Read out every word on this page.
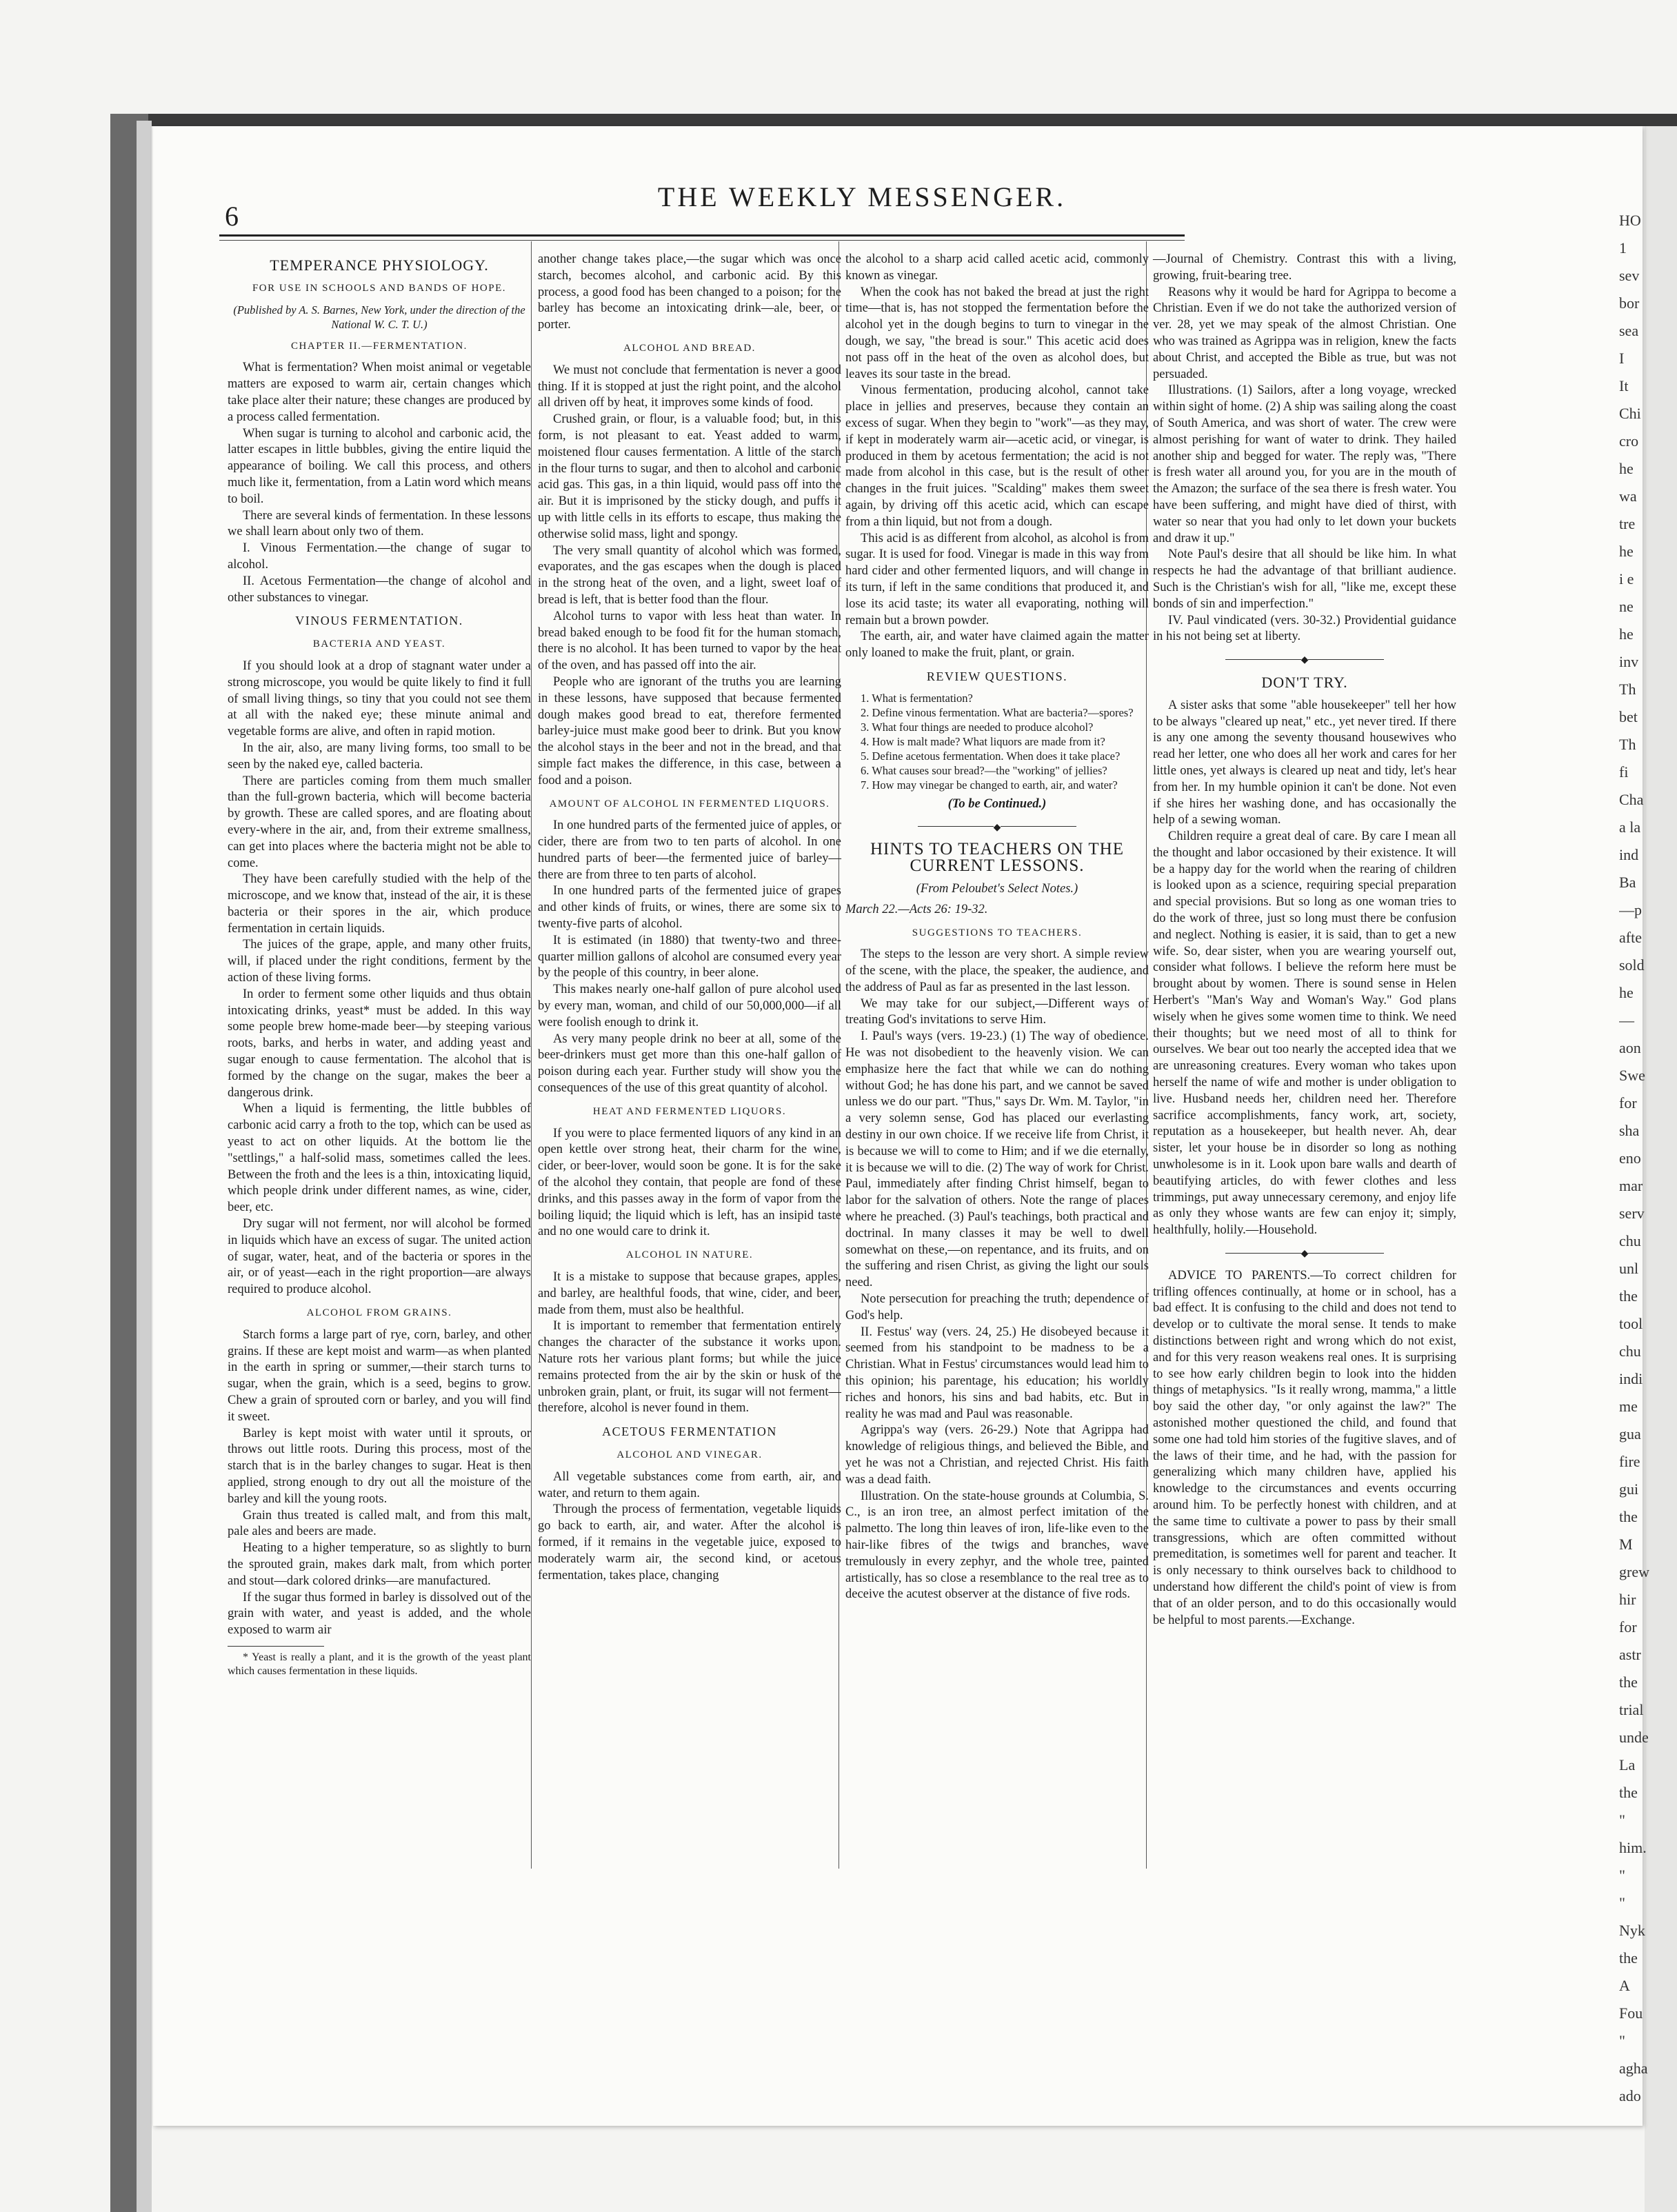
6
THE WEEKLY MESSENGER.

TEMPERANCE PHYSIOLOGY.

FOR USE IN SCHOOLS AND BANDS OF HOPE.

(Published by A. S. Barnes, New York, under the direction of the National W. C. T. U.)

CHAPTER II.—FERMENTATION.

What is fermentation? When moist animal or vegetable matters are exposed to warm air, certain changes which take place alter their nature; these changes are produced by a process called fermentation.

When sugar is turning to alcohol and carbonic acid, the latter escapes in little bubbles, giving the entire liquid the appearance of boiling. We call this process, and others much like it, fermentation, from a Latin word which means to boil.

There are several kinds of fermentation. In these lessons we shall learn about only two of them.

I. Vinous Fermentation.—the change of sugar to alcohol.

II. Acetous Fermentation—the change of alcohol and other substances to vinegar.

VINOUS FERMENTATION.

BACTERIA AND YEAST.

If you should look at a drop of stagnant water under a strong microscope, you would be quite likely to find it full of small living things, so tiny that you could not see them at all with the naked eye; these minute animal and vegetable forms are alive, and often in rapid motion.

In the air, also, are many living forms, too small to be seen by the naked eye, called bacteria.

There are particles coming from them much smaller than the full-grown bacteria, which will become bacteria by growth. These are called spores, and are floating about every-where in the air, and, from their extreme smallness, can get into places where the bacteria might not be able to come.

They have been carefully studied with the help of the microscope, and we know that, instead of the air, it is these bacteria or their spores in the air, which produce fermentation in certain liquids.

The juices of the grape, apple, and many other fruits, will, if placed under the right conditions, ferment by the action of these living forms.

In order to ferment some other liquids and thus obtain intoxicating drinks, yeast* must be added. In this way some people brew home-made beer—by steeping various roots, barks, and herbs in water, and adding yeast and sugar enough to cause fermentation. The alcohol that is formed by the change on the sugar, makes the beer a dangerous drink.

When a liquid is fermenting, the little bubbles of carbonic acid carry a froth to the top, which can be used as yeast to act on other liquids. At the bottom lie the "settlings," a half-solid mass, sometimes called the lees. Between the froth and the lees is a thin, intoxicating liquid, which people drink under different names, as wine, cider, beer, etc.

Dry sugar will not ferment, nor will alcohol be formed in liquids which have an excess of sugar. The united action of sugar, water, heat, and of the bacteria or spores in the air, or of yeast—each in the right proportion—are always required to produce alcohol.

ALCOHOL FROM GRAINS.

Starch forms a large part of rye, corn, barley, and other grains. If these are kept moist and warm—as when planted in the earth in spring or summer,—their starch turns to sugar, when the grain, which is a seed, begins to grow. Chew a grain of sprouted corn or barley, and you will find it sweet.

Barley is kept moist with water until it sprouts, or throws out little roots. During this process, most of the starch that is in the barley changes to sugar. Heat is then applied, strong enough to dry out all the moisture of the barley and kill the young roots.

Grain thus treated is called malt, and from this malt, pale ales and beers are made.

Heating to a higher temperature, so as slightly to burn the sprouted grain, makes dark malt, from which porter and stout—dark colored drinks—are manufactured.

If the sugar thus formed in barley is dissolved out of the grain with water, and yeast is added, and the whole exposed to warm air

* Yeast is really a plant, and it is the growth of the yeast plant which causes fermentation in these liquids.

another change takes place,—the sugar which was once starch, becomes alcohol, and carbonic acid. By this process, a good food has been changed to a poison; for the barley has become an intoxicating drink—ale, beer, or porter.

ALCOHOL AND BREAD.

We must not conclude that fermentation is never a good thing. If it is stopped at just the right point, and the alcohol all driven off by heat, it improves some kinds of food.

Crushed grain, or flour, is a valuable food; but, in this form, is not pleasant to eat. Yeast added to warm, moistened flour causes fermentation. A little of the starch in the flour turns to sugar, and then to alcohol and carbonic acid gas. This gas, in a thin liquid, would pass off into the air. But it is imprisoned by the sticky dough, and puffs it up with little cells in its efforts to escape, thus making the otherwise solid mass, light and spongy.

The very small quantity of alcohol which was formed, evaporates, and the gas escapes when the dough is placed in the strong heat of the oven, and a light, sweet loaf of bread is left, that is better food than the flour.

Alcohol turns to vapor with less heat than water. In bread baked enough to be food fit for the human stomach, there is no alcohol. It has been turned to vapor by the heat of the oven, and has passed off into the air.

People who are ignorant of the truths you are learning in these lessons, have supposed that because fermented dough makes good bread to eat, therefore fermented barley-juice must make good beer to drink. But you know the alcohol stays in the beer and not in the bread, and that simple fact makes the difference, in this case, between a food and a poison.

AMOUNT OF ALCOHOL IN FERMENTED LIQUORS.

In one hundred parts of the fermented juice of apples, or cider, there are from two to ten parts of alcohol. In one hundred parts of beer—the fermented juice of barley—there are from three to ten parts of alcohol.

In one hundred parts of the fermented juice of grapes and other kinds of fruits, or wines, there are some six to twenty-five parts of alcohol.

It is estimated (in 1880) that twenty-two and three-quarter million gallons of alcohol are consumed every year by the people of this country, in beer alone.

This makes nearly one-half gallon of pure alcohol used by every man, woman, and child of our 50,000,000—if all were foolish enough to drink it.

As very many people drink no beer at all, some of the beer-drinkers must get more than this one-half gallon of poison during each year. Further study will show you the consequences of the use of this great quantity of alcohol.

HEAT AND FERMENTED LIQUORS.

If you were to place fermented liquors of any kind in an open kettle over strong heat, their charm for the wine, cider, or beer-lover, would soon be gone. It is for the sake of the alcohol they contain, that people are fond of these drinks, and this passes away in the form of vapor from the boiling liquid; the liquid which is left, has an insipid taste and no one would care to drink it.

ALCOHOL IN NATURE.

It is a mistake to suppose that because grapes, apples, and barley, are healthful foods, that wine, cider, and beer, made from them, must also be healthful.

It is important to remember that fermentation entirely changes the character of the substance it works upon. Nature rots her various plant forms; but while the juice remains protected from the air by the skin or husk of the unbroken grain, plant, or fruit, its sugar will not ferment—therefore, alcohol is never found in them.

ACETOUS FERMENTATION

ALCOHOL AND VINEGAR.

All vegetable substances come from earth, air, and water, and return to them again.

Through the process of fermentation, vegetable liquids go back to earth, air, and water. After the alcohol is formed, if it remains in the vegetable juice, exposed to moderately warm air, the second kind, or acetous fermentation, takes place, changing

the alcohol to a sharp acid called acetic acid, commonly known as vinegar.

When the cook has not baked the bread at just the right time—that is, has not stopped the fermentation before the alcohol yet in the dough begins to turn to vinegar in the dough, we say, "the bread is sour." This acetic acid does not pass off in the heat of the oven as alcohol does, but leaves its sour taste in the bread.

Vinous fermentation, producing alcohol, cannot take place in jellies and preserves, because they contain an excess of sugar. When they begin to "work"—as they may, if kept in moderately warm air—acetic acid, or vinegar, is produced in them by acetous fermentation; the acid is not made from alcohol in this case, but is the result of other changes in the fruit juices. "Scalding" makes them sweet again, by driving off this acetic acid, which can escape from a thin liquid, but not from a dough.

This acid is as different from alcohol, as alcohol is from sugar. It is used for food. Vinegar is made in this way from hard cider and other fermented liquors, and will change in its turn, if left in the same conditions that produced it, and lose its acid taste; its water all evaporating, nothing will remain but a brown powder.

The earth, air, and water have claimed again the matter only loaned to make the fruit, plant, or grain.

REVIEW QUESTIONS.

1. What is fermentation?

2. Define vinous fermentation. What are bacteria?—spores?

3. What four things are needed to produce alcohol?

4. How is malt made? What liquors are made from it?

5. Define acetous fermentation. When does it take place?

6. What causes sour bread?—the "working" of jellies?

7. How may vinegar be changed to earth, air, and water?

(To be Continued.)

◆

HINTS TO TEACHERS ON THE CURRENT LESSONS.

(From Peloubet's Select Notes.)

March 22.—Acts 26: 19-32.

SUGGESTIONS TO TEACHERS.

The steps to the lesson are very short. A simple review of the scene, with the place, the speaker, the audience, and the address of Paul as far as presented in the last lesson.

We may take for our subject,—Different ways of treating God's invitations to serve Him.

I. Paul's ways (vers. 19-23.) (1) The way of obedience. He was not disobedient to the heavenly vision. We can emphasize here the fact that while we can do nothing without God; he has done his part, and we cannot be saved unless we do our part. "Thus," says Dr. Wm. M. Taylor, "in a very solemn sense, God has placed our everlasting destiny in our own choice. If we receive life from Christ, it is because we will to come to Him; and if we die eternally, it is because we will to die. (2) The way of work for Christ. Paul, immediately after finding Christ himself, began to labor for the salvation of others. Note the range of places where he preached. (3) Paul's teachings, both practical and doctrinal. In many classes it may be well to dwell somewhat on these,—on repentance, and its fruits, and on the suffering and risen Christ, as giving the light our souls need.

Note persecution for preaching the truth; dependence of God's help.

II. Festus' way (vers. 24, 25.) He disobeyed because it seemed from his standpoint to be madness to be a Christian. What in Festus' circumstances would lead him to this opinion; his parentage, his education; his worldly riches and honors, his sins and bad habits, etc. But in reality he was mad and Paul was reasonable.

Agrippa's way (vers. 26-29.) Note that Agrippa had knowledge of religious things, and believed the Bible, and yet he was not a Christian, and rejected Christ. His faith was a dead faith.

Illustration. On the state-house grounds at Columbia, S. C., is an iron tree, an almost perfect imitation of the palmetto. The long thin leaves of iron, life-like even to the hair-like fibres of the twigs and branches, wave tremulously in every zephyr, and the whole tree, painted artistically, has so close a resemblance to the real tree as to deceive the acutest observer at the distance of five rods.

—Journal of Chemistry. Contrast this with a living, growing, fruit-bearing tree.

Reasons why it would be hard for Agrippa to become a Christian. Even if we do not take the authorized version of ver. 28, yet we may speak of the almost Christian. One who was trained as Agrippa was in religion, knew the facts about Christ, and accepted the Bible as true, but was not persuaded.

Illustrations. (1) Sailors, after a long voyage, wrecked within sight of home. (2) A ship was sailing along the coast of South America, and was short of water. The crew were almost perishing for want of water to drink. They hailed another ship and begged for water. The reply was, "There is fresh water all around you, for you are in the mouth of the Amazon; the surface of the sea there is fresh water. You have been suffering, and might have died of thirst, with water so near that you had only to let down your buckets and draw it up."

Note Paul's desire that all should be like him. In what respects he had the advantage of that brilliant audience. Such is the Christian's wish for all, "like me, except these bonds of sin and imperfection."

IV. Paul vindicated (vers. 30-32.) Providential guidance in his not being set at liberty.

◆

DON'T TRY.

A sister asks that some "able housekeeper" tell her how to be always "cleared up neat," etc., yet never tired. If there is any one among the seventy thousand housewives who read her letter, one who does all her work and cares for her little ones, yet always is cleared up neat and tidy, let's hear from her. In my humble opinion it can't be done. Not even if she hires her washing done, and has occasionally the help of a sewing woman.

Children require a great deal of care. By care I mean all the thought and labor occasioned by their existence. It will be a happy day for the world when the rearing of children is looked upon as a science, requiring special preparation and special provisions. But so long as one woman tries to do the work of three, just so long must there be confusion and neglect. Nothing is easier, it is said, than to get a new wife. So, dear sister, when you are wearing yourself out, consider what follows. I believe the reform here must be brought about by women. There is sound sense in Helen Herbert's "Man's Way and Woman's Way." God plans wisely when he gives some women time to think. We need their thoughts; but we need most of all to think for ourselves. We bear out too nearly the accepted idea that we are unreasoning creatures. Every woman who takes upon herself the name of wife and mother is under obligation to live. Husband needs her, children need her. Therefore sacrifice accomplishments, fancy work, art, society, reputation as a housekeeper, but health never. Ah, dear sister, let your house be in disorder so long as nothing unwholesome is in it. Look upon bare walls and dearth of beautifying articles, do with fewer clothes and less trimmings, put away unnecessary ceremony, and enjoy life as only they whose wants are few can enjoy it; simply, healthfully, holily.—Household.

◆

ADVICE TO PARENTS.—To correct children for trifling offences continually, at home or in school, has a bad effect. It is confusing to the child and does not tend to develop or to cultivate the moral sense. It tends to make distinctions between right and wrong which do not exist, and for this very reason weakens real ones. It is surprising to see how early children begin to look into the hidden things of metaphysics. "Is it really wrong, mamma," a little boy said the other day, "or only against the law?" The astonished mother questioned the child, and found that some one had told him stories of the fugitive slaves, and of the laws of their time, and he had, with the passion for generalizing which many children have, applied his knowledge to the circumstances and events occurring around him. To be perfectly honest with children, and at the same time to cultivate a power to pass by their small transgressions, which are often committed without premeditation, is sometimes well for parent and teacher. It is only necessary to think ourselves back to childhood to understand how different the child's point of view is from that of an older person, and to do this occasionally would be helpful to most parents.—Exchange.

HO
1
sev
bor
sea
I
It
Chi
cro
he
wa
tre
he
i e
ne
he
inv
Th
bet
Th
fi
Cha
a la
ind
Ba
—p
afte
sold
he
—
aon
Swe
for
sha
eno
mar
serv
chu
unl
the
tool
chu
indi
me
gua
fire
gui
the
M
grew
hir
for
astr
the
trial
unde
La
the
"
him.
"
"
Nyk
the
A
Fou
"
agha
ado
